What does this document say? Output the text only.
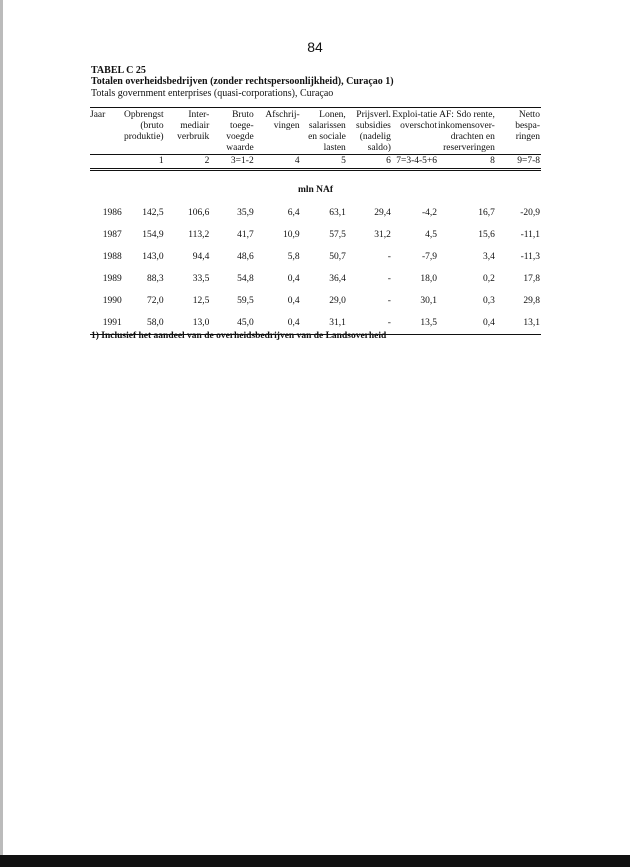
84
TABEL C 25
Totalen overheidsbedrijven (zonder rechtspersoonlijkheid), Curaçao 1)
Totals government enterprises (quasi-corporations), Curaçao
Jaar	Opbrengst (bruto produktie)	Inter-mediair verbruik	Bruto toege-voegde waarde	Afschrij-vingen	Lonen, salarissen en sociale lasten	Prijsverl. subsidies (nadelig saldo)	Exploi-tatie overschot	AF: Sdo rente, inkomensover-drachten en reserveringen	Netto bespa-ringen
	1	2	3=1-2	4	5	6	7=3-4-5+6	8	9=7-8
mln NAf									
1986	142,5	106,6	35,9	6,4	63,1	29,4	-4,2	16,7	-20,9
1987	154,9	113,2	41,7	10,9	57,5	31,2	4,5	15,6	-11,1
1988	143,0	94,4	48,6	5,8	50,7	-	-7,9	3,4	-11,3
1989	88,3	33,5	54,8	0,4	36,4	-	18,0	0,2	17,8
1990	72,0	12,5	59,5	0,4	29,0	-	30,1	0,3	29,8
1991	58,0	13,0	45,0	0,4	31,1	-	13,5	0,4	13,1
1) Inclusief het aandeel van de overheidsbedrijven van de Landsoverheid
